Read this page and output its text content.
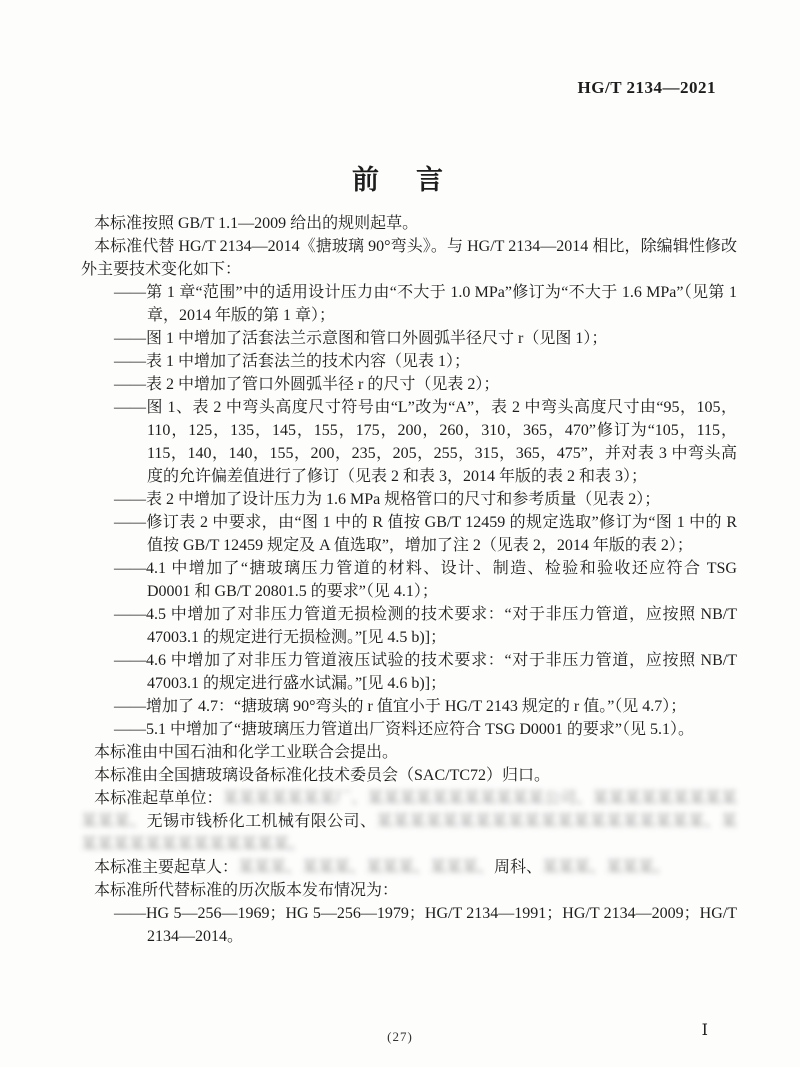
HG/T 2134—2021
前　言
本标准按照 GB/T 1.1—2009 给出的规则起草。
本标准代替 HG/T 2134—2014《搪玻璃 90°弯头》。与 HG/T 2134—2014 相比，除编辑性修改外主要技术变化如下：
——第 1 章“范围”中的适用设计压力由“不大于 1.0 MPa”修订为“不大于 1.6 MPa”（见第 1 章，2014 年版的第 1 章）；
——图 1 中增加了活套法兰示意图和管口外圆弧半径尺寸 r（见图 1）；
——表 1 中增加了活套法兰的技术内容（见表 1）；
——表 2 中增加了管口外圆弧半径 r 的尺寸（见表 2）；
——图 1、表 2 中弯头高度尺寸符号由“L”改为“A”，表 2 中弯头高度尺寸由“95，105，110，125，135，145，155，175，200，260，310，365，470”修订为“105，115，115，140，140，155，200，235，205，255，315，365，475”，并对表 3 中弯头高度的允许偏差值进行了修订（见表 2 和表 3，2014 年版的表 2 和表 3）；
——表 2 中增加了设计压力为 1.6 MPa 规格管口的尺寸和参考质量（见表 2）；
——修订表 2 中要求，由“图 1 中的 R 值按 GB/T 12459 的规定选取”修订为“图 1 中的 R 值按 GB/T 12459 规定及 A 值选取”，增加了注 2（见表 2，2014 年版的表 2）；
——4.1 中增加了“搪玻璃压力管道的材料、设计、制造、检验和验收还应符合 TSG D0001 和 GB/T 20801.5 的要求”（见 4.1）；
——4.5 中增加了对非压力管道无损检测的技术要求：“对于非压力管道，应按照 NB/T 47003.1 的规定进行无损检测。”[见 4.5 b)]；
——4.6 中增加了对非压力管道液压试验的技术要求：“对于非压力管道，应按照 NB/T 47003.1 的规定进行盛水试漏。”[见 4.6 b)]；
——增加了 4.7：“搪玻璃 90°弯头的 r 值宜小于 HG/T 2143 规定的 r 值。”（见 4.7）；
——5.1 中增加了“搪玻璃压力管道出厂资料还应符合 TSG D0001 的要求”（见 5.1）。
本标准由中国石油和化学工业联合会提出。
本标准由全国搪玻璃设备标准化技术委员会（SAC/TC72）归口。
本标准起草单位：某某某某某某某厂、某某某某某某某某某某某公司、某某某某某某某某某某某某、无锡市钱桥化工机械有限公司、某某某某某某某某某某某某某某某某某某某某、某某某某某某某某某某某某某某。
本标准主要起草人：某某某、某某某、某某某、某某某、周科、某某某、某某某。
本标准所代替标准的历次版本发布情况为：
——HG 5—256—1969；HG 5—256—1979；HG/T 2134—1991；HG/T 2134—2009；HG/T 2134—2014。
(27)	Ⅰ
